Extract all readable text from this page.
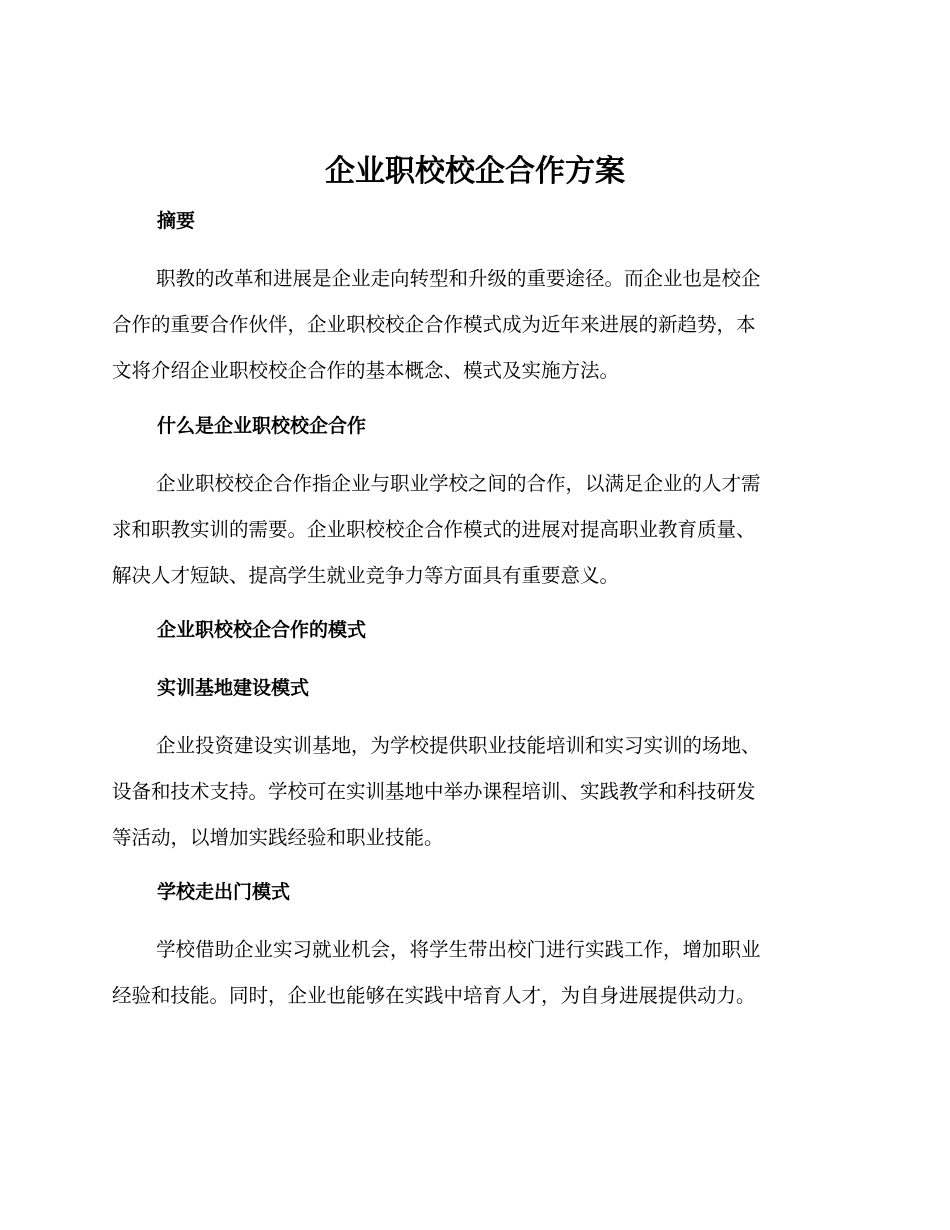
企业职校校企合作方案
摘要
职教的改革和进展是企业走向转型和升级的重要途径。而企业也是校企
合作的重要合作伙伴，企业职校校企合作模式成为近年来进展的新趋势，本
文将介绍企业职校校企合作的基本概念、模式及实施方法。
什么是企业职校校企合作
企业职校校企合作指企业与职业学校之间的合作，以满足企业的人才需
求和职教实训的需要。企业职校校企合作模式的进展对提高职业教育质量、
解决人才短缺、提高学生就业竞争力等方面具有重要意义。
企业职校校企合作的模式
实训基地建设模式
企业投资建设实训基地，为学校提供职业技能培训和实习实训的场地、
设备和技术支持。学校可在实训基地中举办课程培训、实践教学和科技研发
等活动，以增加实践经验和职业技能。
学校走出门模式
学校借助企业实习就业机会，将学生带出校门进行实践工作，增加职业
经验和技能。同时，企业也能够在实践中培育人才，为自身进展提供动力。
